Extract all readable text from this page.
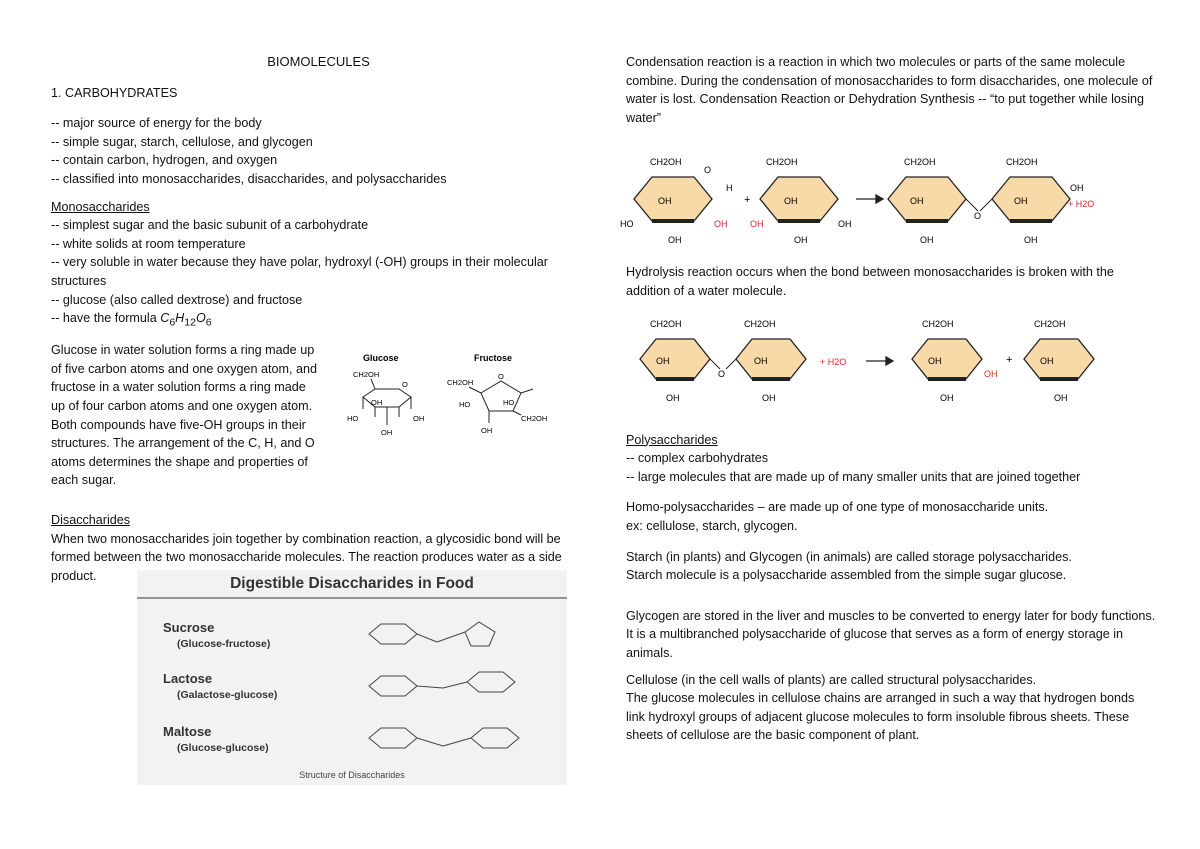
BIOMOLECULES
1. CARBOHYDRATES

-- major source of energy for the body

-- simple sugar, starch, cellulose, and glycogen

-- contain carbon, hydrogen, and oxygen

-- classified into monosaccharides, disaccharides, and polysaccharides

Monosaccharides

-- simplest sugar and the basic subunit of a carbohydrate

-- white solids at room temperature

-- very soluble in water because they have polar, hydroxyl (-OH) groups in their molecular structures

-- glucose (also called dextrose) and fructose

-- have the formula $C_6H_{12}O_6$

Glucose in water solution forms a ring made up of five carbon atoms and one oxygen atom, and fructose in a water solution forms a ring made up of four carbon atoms and one oxygen atom. Both compounds have five-OH groups in their structures. The arrangement of the C, H, and O atoms determines the shape and properties of each sugar.

Glucose	Fructose
CH2OH
O
OH
HO	OH
OH
CH2OH
O
HO	HO
CH2OH
OH

Disaccharides

When two monosaccharides join together by combination reaction, a glycosidic bond will be formed between the two monosaccharide molecules. The reaction produces water as a side product.	Digestible Disaccharides in Food
Sucrose
(Glucose-fructose)
Lactose
(Galactose-glucose)
Maltose
(Glucose-glucose)
Structure of Disaccharides

Condensation reaction is a reaction in which two molecules or parts of the same molecule combine. During the condensation of monosaccharides to form disaccharides, one molecule of water is lost. Condensation Reaction or Dehydration Synthesis -- “to put together while losing water”

CH2OH
O
OH
HO	OH
OH
H
+
CH2OH
OH
OH	OH
OH
CH2OH	CH2OH
OH	OH
O
OH
OH	OH
+ H2O

Hydrolysis reaction occurs when the bond between monosaccharides is broken with the addition of a water molecule.

CH2OH	CH2OH
OH	OH
O
OH	OH
+ H2O
CH2OH
OH
OH
OH
+
CH2OH
OH
OH

Polysaccharides

-- complex carbohydrates

-- large molecules that are made up of many smaller units that are joined together

Homo-polysaccharides – are made up of one type of monosaccharide units.

ex: cellulose, starch, glycogen.

Starch (in plants) and Glycogen (in animals) are called storage polysaccharides.

Starch molecule is a polysaccharide assembled from the simple sugar glucose.

Glycogen are stored in the liver and muscles to be converted to energy later for body functions. It is a multibranched polysaccharide of glucose that serves as a form of energy storage in animals.

Cellulose (in the cell walls of plants) are called structural polysaccharides.

The glucose molecules in cellulose chains are arranged in such a way that hydrogen bonds link hydroxyl groups of adjacent glucose molecules to form insoluble fibrous sheets. These sheets of cellulose are the basic component of plant.
